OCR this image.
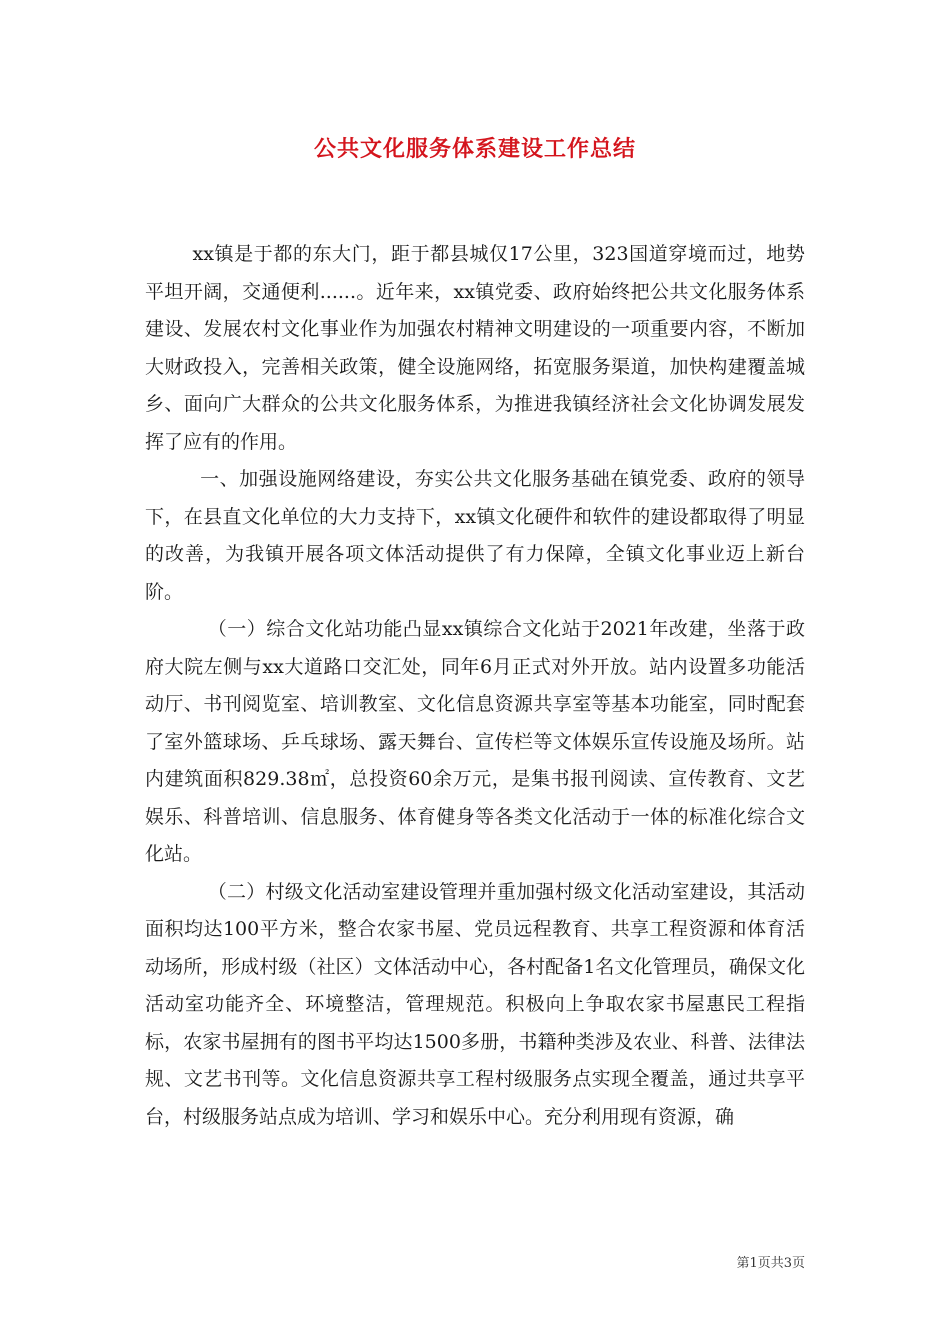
公共文化服务体系建设工作总结

xx镇是于都的东大门，距于都县城仅17公里，323国道穿境而过，地势平坦开阔，交通便利......。近年来，xx镇党委、政府始终把公共文化服务体系建设、发展农村文化事业作为加强农村精神文明建设的一项重要内容，不断加大财政投入，完善相关政策，健全设施网络，拓宽服务渠道，加快构建覆盖城乡、面向广大群众的公共文化服务体系，为推进我镇经济社会文化协调发展发挥了应有的作用。

一、加强设施网络建设，夯实公共文化服务基础在镇党委、政府的领导下，在县直文化单位的大力支持下，xx镇文化硬件和软件的建设都取得了明显的改善，为我镇开展各项文体活动提供了有力保障，全镇文化事业迈上新台阶。

（一）综合文化站功能凸显xx镇综合文化站于2021年改建，坐落于政府大院左侧与xx大道路口交汇处，同年6月正式对外开放。站内设置多功能活动厅、书刊阅览室、培训教室、文化信息资源共享室等基本功能室，同时配套了室外篮球场、乒乓球场、露天舞台、宣传栏等文体娱乐宣传设施及场所。站内建筑面积829.38㎡，总投资60余万元，是集书报刊阅读、宣传教育、文艺娱乐、科普培训、信息服务、体育健身等各类文化活动于一体的标准化综合文化站。

（二）村级文化活动室建设管理并重加强村级文化活动室建设，其活动面积均达100平方米，整合农家书屋、党员远程教育、共享工程资源和体育活动场所，形成村级（社区）文体活动中心，各村配备1名文化管理员，确保文化活动室功能齐全、环境整洁，管理规范。积极向上争取农家书屋惠民工程指标，农家书屋拥有的图书平均达1500多册，书籍种类涉及农业、科普、法律法规、文艺书刊等。文化信息资源共享工程村级服务点实现全覆盖，通过共享平台，村级服务站点成为培训、学习和娱乐中心。充分利用现有资源，确

第1页共3页
